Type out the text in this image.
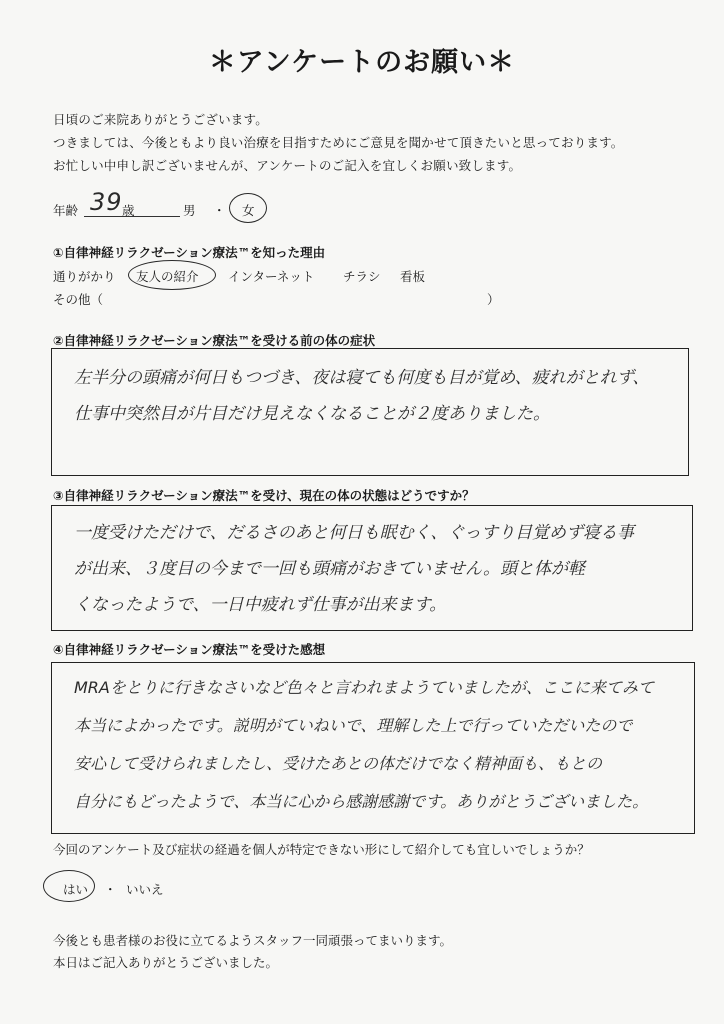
＊アンケートのお願い＊
日頃のご来院ありがとうございます。
つきましては、今後ともより良い治療を目指すためにご意見を聞かせて頂きたいと思っております。
お忙しい中申し訳ございませんが、アンケートのご記入を宜しくお願い致します。
年齢 39 歳	男 ・ 女
①自律神経リラクゼーション療法™を知った理由
通りがかり 友人の紹介 インターネット チラシ 看板
その他（	）
②自律神経リラクゼーション療法™を受ける前の体の症状
左半分の頭痛が何日もつづき、夜は寝ても何度も目が覚め、疲れがとれず、
仕事中突然目が片目だけ見えなくなることが２度ありました。
③自律神経リラクゼーション療法™を受け、現在の体の状態はどうですか？
一度受けただけで、だるさのあと何日も眠むく、ぐっすり目覚めず寝る事
が出来、３度目の今まで一回も頭痛がおきていません。頭と体が軽
くなったようで、一日中疲れず仕事が出来ます。
④自律神経リラクゼーション療法™を受けた感想
MRAをとりに行きなさいなど色々と言われまようていましたが、ここに来てみて
本当によかったです。説明がていねいで、理解した上で行っていただいたので
安心して受けられましたし、受けたあとの体だけでなく精神面も、もとの
自分にもどったようで、本当に心から感謝感謝です。ありがとうございました。
今回のアンケート及び症状の経過を個人が特定できない形にして紹介しても宜しいでしょうか？
はい ・ いいえ
今後とも患者様のお役に立てるようスタッフ一同頑張ってまいります。
本日はご記入ありがとうございました。
